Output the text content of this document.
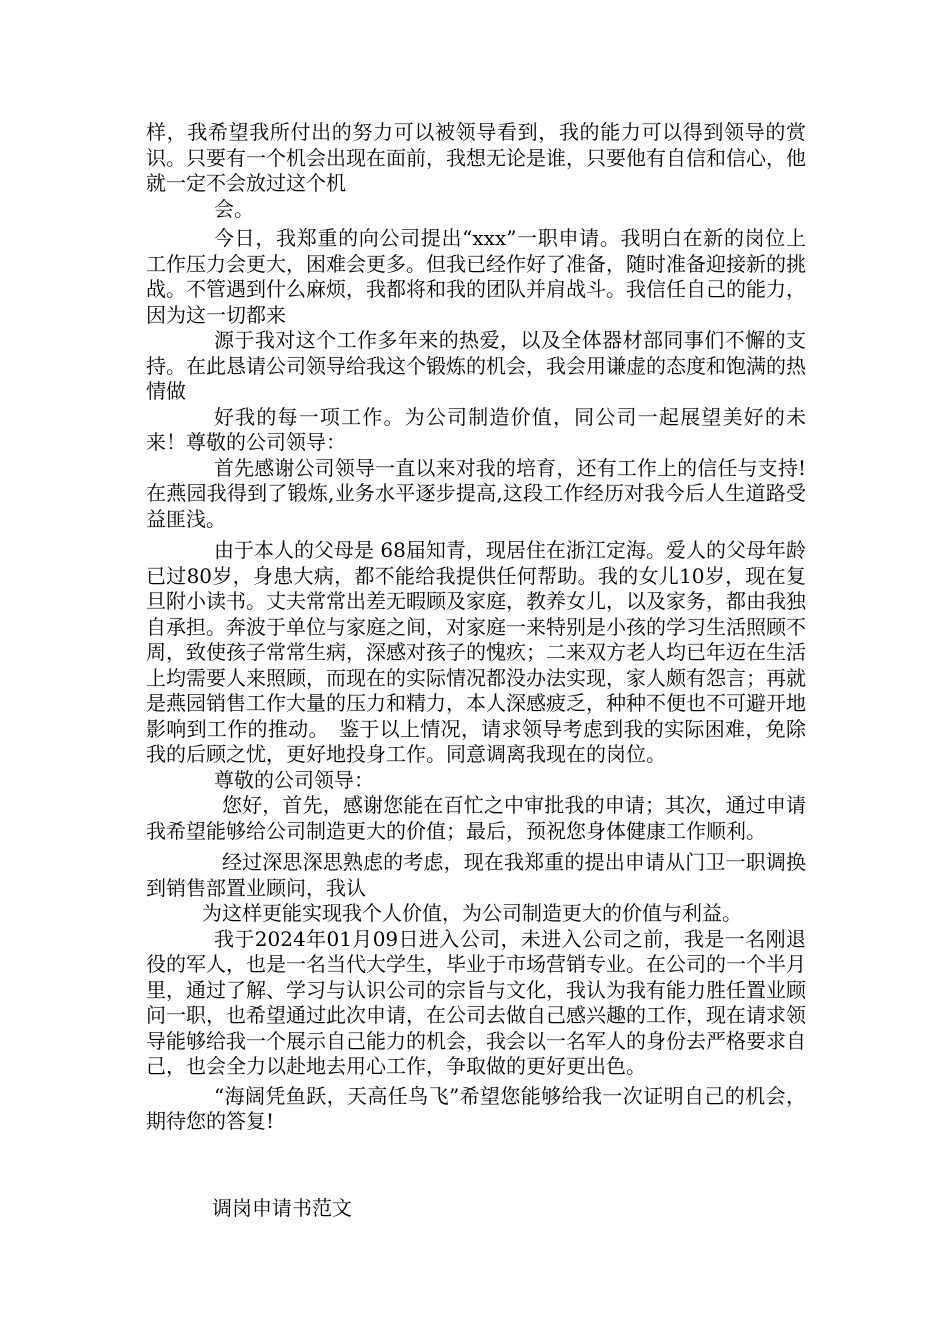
样，我希望我所付出的努力可以被领导看到，我的能力可以得到领导的赏识。只要有一个机会出现在面前，我想无论是谁，只要他有自信和信心，他就一定不会放过这个机

会。

今日，我郑重的向公司提出“xxx”一职申请。我明白在新的岗位上工作压力会更大，困难会更多。但我已经作好了准备，随时准备迎接新的挑战。不管遇到什么麻烦，我都将和我的团队并肩战斗。我信任自己的能力，因为这一切都来

源于我对这个工作多年来的热爱，以及全体器材部同事们不懈的支持。在此恳请公司领导给我这个锻炼的机会，我会用谦虚的态度和饱满的热情做

好我的每一项工作。为公司制造价值，同公司一起展望美好的未来！尊敬的公司领导：

首先感谢公司领导一直以来对我的培育，还有工作上的信任与支持!在燕园我得到了锻炼,业务水平逐步提高,这段工作经历对我今后人生道路受益匪浅。

由于本人的父母是 68届知青，现居住在浙江定海。爱人的父母年龄已过80岁，身患大病，都不能给我提供任何帮助。我的女儿10岁，现在复旦附小读书。丈夫常常出差无暇顾及家庭，教养女儿，以及家务，都由我独自承担。奔波于单位与家庭之间，对家庭一来特别是小孩的学习生活照顾不周，致使孩子常常生病，深感对孩子的愧疚；二来双方老人均已年迈在生活上均需要人来照顾，而现在的实际情况都没办法实现，家人颇有怨言；再就是燕园销售工作大量的压力和精力，本人深感疲乏，种种不便也不可避开地影响到工作的推动。　鉴于以上情况，请求领导考虑到我的实际困难，免除我的后顾之忧，更好地投身工作。同意调离我现在的岗位。

尊敬的公司领导：

您好，首先，感谢您能在百忙之中审批我的申请；其次，通过申请我希望能够给公司制造更大的价值；最后，预祝您身体健康工作顺利。

经过深思深思熟虑的考虑，现在我郑重的提出申请从门卫一职调换到销售部置业顾问，我认

为这样更能实现我个人价值，为公司制造更大的价值与利益。

我于2024年01月09日进入公司，未进入公司之前，我是一名刚退役的军人，也是一名当代大学生，毕业于市场营销专业。在公司的一个半月里，通过了解、学习与认识公司的宗旨与文化，我认为我有能力胜任置业顾问一职，也希望通过此次申请，在公司去做自己感兴趣的工作，现在请求领导能够给我一个展示自己能力的机会，我会以一名军人的身份去严格要求自己，也会全力以赴地去用心工作，争取做的更好更出色。

“海阔凭鱼跃，天高任鸟飞”希望您能够给我一次证明自己的机会，期待您的答复!

调岗申请书范文
